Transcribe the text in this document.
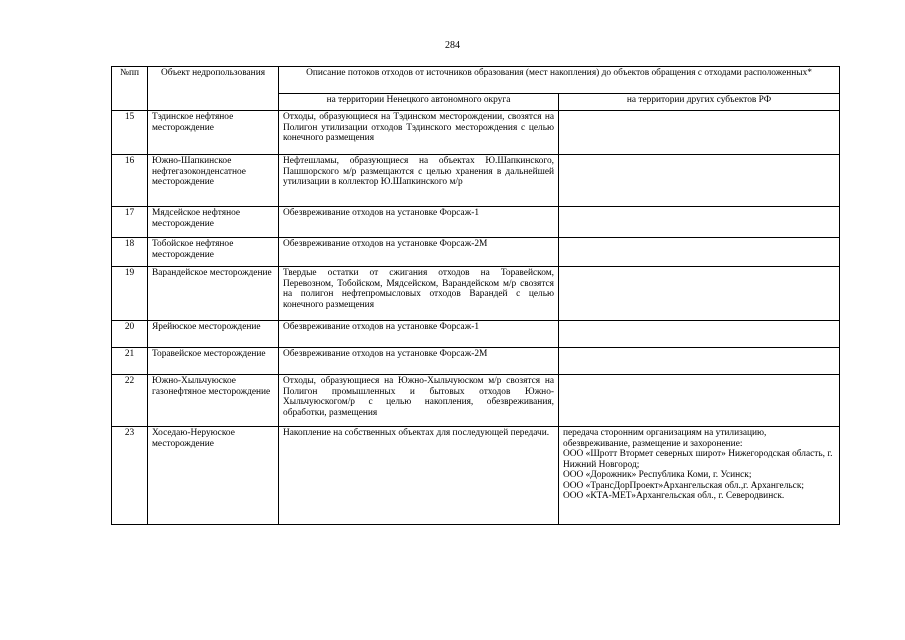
284
№пп	Объект недропользования	Описание потоков отходов от источников образования (мест накопления) до объектов обращения с отходами расположенных*	
		на территории Ненецкого автономного округа	на территории других субъектов РФ
15	Тэдинское нефтяное месторождение	Отходы, образующиеся на Тэдинском месторождении, свозятся на Полигон утилизации отходов Тэдинского месторождения с целью конечного размещения	
16	Южно-Шапкинское нефтегазоконденсатное месторождение	Нефтешламы, образующиеся на объектах Ю.Шапкинского, Пашшорского м/р размещаются с целью хранения в дальнейшей утилизации в коллектор Ю.Шапкинского м/р	
17	Мядсейское нефтяное месторождение	Обезвреживание отходов на установке Форсаж-1	
18	Тобойское нефтяное месторождение	Обезвреживание отходов на установке Форсаж-2М	
19	Варандейское месторождение	Твердые остатки от сжигания отходов на Торавейском, Перевозном, Тобойском, Мядсейском, Варандейском м/р свозятся на полигон нефтепромысловых отходов Варандей с целью конечного размещения	
20	Ярейюское месторождение	Обезвреживание отходов на установке Форсаж-1	
21	Торавейское месторождение	Обезвреживание отходов на установке Форсаж-2М	
22	Южно-Хыльчуюское газонефтяное месторождение	Отходы, образующиеся на Южно-Хыльчуюском м/р свозятся на Полигон промышленных и бытовых отходов Южно-Хыльчуюскогом/р с целью накопления, обезвреживания, обработки, размещения	
23	Хоседаю-Неруюское месторождение	Накопление на собственных объектах для последующей передачи.	передача сторонним организациям на утилизацию, обезвреживание, размещение и захоронение:
ООО «Шротт Втормет северных широт» Нижегородская область, г. Нижний Новгород;
ООО «Дорожник» Республика Коми, г. Усинск;
ООО «ТрансДорПроект»Архангельская обл.,г. Архангельск;
ООО «КТА-МЕТ»Архангельская обл., г. Северодвинск.
